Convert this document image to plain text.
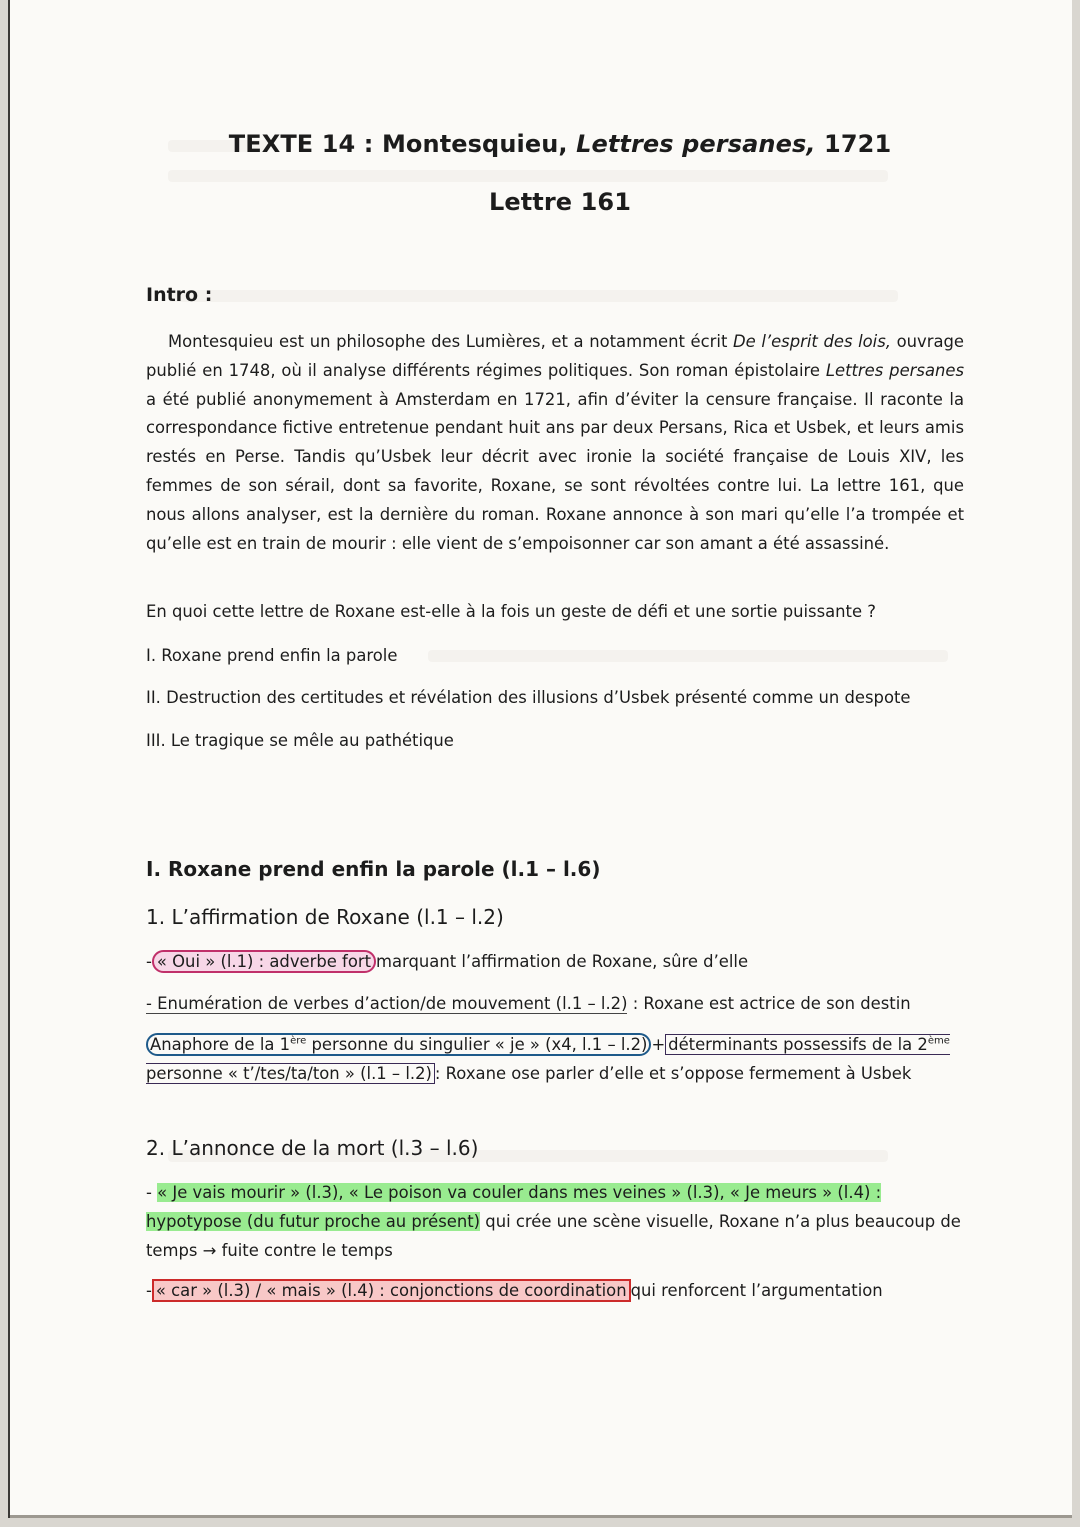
TEXTE 14 : Montesquieu, Lettres persanes, 1721
Lettre 161
Intro :

Montesquieu est un philosophe des Lumières, et a notamment écrit De l’esprit des lois, ouvrage publié en 1748, où il analyse différents régimes politiques. Son roman épistolaire Lettres persanes a été publié anonymement à Amsterdam en 1721, afin d’éviter la censure française. Il raconte la correspondance fictive entretenue pendant huit ans par deux Persans, Rica et Usbek, et leurs amis restés en Perse. Tandis qu’Usbek leur décrit avec ironie la société française de Louis XIV, les femmes de son sérail, dont sa favorite, Roxane, se sont révoltées contre lui. La lettre 161, que nous allons analyser, est la dernière du roman. Roxane annonce à son mari qu’elle l’a trompée et qu’elle est en train de mourir : elle vient de s’empoisonner car son amant a été assassiné.

En quoi cette lettre de Roxane est-elle à la fois un geste de défi et une sortie puissante ?
I. Roxane prend enfin la parole
II. Destruction des certitudes et révélation des illusions d’Usbek présenté comme un despote
III. Le tragique se mêle au pathétique
I. Roxane prend enfin la parole (l.1 – l.6)
1. L’affirmation de Roxane (l.1 – l.2)
- « Oui » (l.1) : adverbe fort marquant l’affirmation de Roxane, sûre d’elle
- Enumération de verbes d’action/de mouvement (l.1 – l.2) : Roxane est actrice de son destin
Anaphore de la 1ère personne du singulier « je » (x4, l.1 – l.2) + déterminants possessifs de la 2ème personne « t’/tes/ta/ton » (l.1 – l.2) : Roxane ose parler d’elle et s’oppose fermement à Usbek
2. L’annonce de la mort (l.3 – l.6)
- « Je vais mourir » (l.3), « Le poison va couler dans mes veines » (l.3), « Je meurs » (l.4) : hypotypose (du futur proche au présent) qui crée une scène visuelle, Roxane n’a plus beaucoup de temps → fuite contre le temps
- « car » (l.3) / « mais » (l.4) : conjonctions de coordination qui renforcent l’argumentation
